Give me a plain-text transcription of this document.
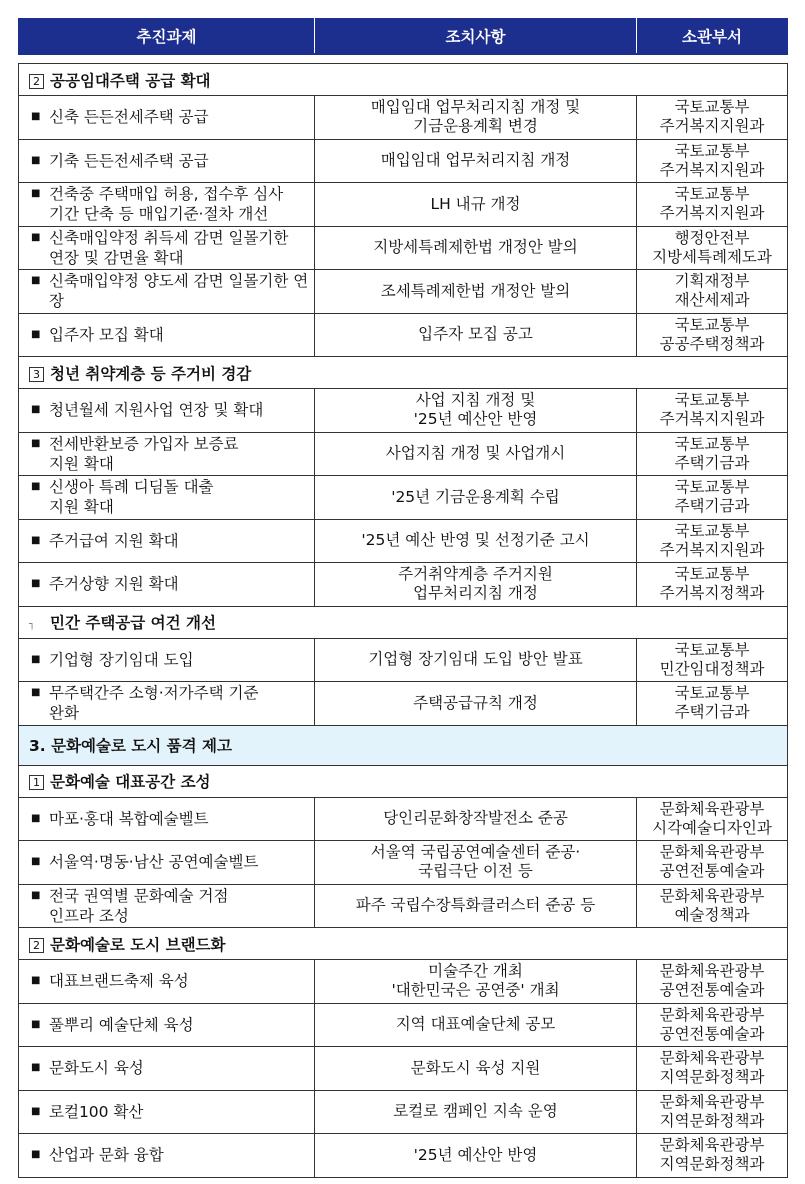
추진과제	조치사항	소관부서

2 공공임대주택 공급 확대		

■ 신축 든든전세주택 공급	매입임대 업무처리지침 개정 및
기금운용계획 변경	국토교통부
주거복지지원과

■ 기축 든든전세주택 공급	매입임대 업무처리지침 개정	국토교통부
주거복지지원과

■ 건축중 주택매입 허용, 접수후 심사
기간 단축 등 매입기준·절차 개선	LH 내규 개정	국토교통부
주거복지지원과

■ 신축매입약정 취득세 감면 일몰기한
연장 및 감면율 확대	지방세특례제한법 개정안 발의	행정안전부
지방세특례제도과

■ 신축매입약정 양도세 감면 일몰기한 연장	조세특례제한법 개정안 발의	기획재정부
재산세제과

■ 입주자 모집 확대	입주자 모집 공고	국토교통부
공공주택정책과
3 청년 취약계층 등 주거비 경감		

■ 청년월세 지원사업 연장 및 확대	사업 지침 개정 및
'25년 예산안 반영	국토교통부
주거복지지원과

■ 전세반환보증 가입자 보증료
지원 확대	사업지침 개정 및 사업개시	국토교통부
주택기금과

■ 신생아 특례 디딤돌 대출
지원 확대	'25년 기금운용계획 수립	국토교통부
주택기금과

■ 주거급여 지원 확대	'25년 예산 반영 및 선정기준 고시	국토교통부
주거복지지원과

■ 주거상향 지원 확대	주거취약계층 주거지원
업무처리지침 개정	국토교통부
주거복지정책과
┐ 민간 주택공급 여건 개선		

■ 기업형 장기임대 도입	기업형 장기임대 도입 방안 발표	국토교통부
민간임대정책과

■ 무주택간주 소형·저가주택 기준
완화	주택공급규칙 개정	국토교통부
주택기금과
3. 문화예술로 도시 품격 제고		
1 문화예술 대표공간 조성		

■ 마포·홍대 복합예술벨트	당인리문화창작발전소 준공	문화체육관광부
시각예술디자인과

■ 서울역·명동·남산 공연예술벨트	서울역 국립공연예술센터 준공·
국립극단 이전 등	문화체육관광부
공연전통예술과

■ 전국 권역별 문화예술 거점
인프라 조성	파주 국립수장특화클러스터 준공 등	문화체육관광부
예술정책과
2 문화예술로 도시 브랜드화		

■ 대표브랜드축제 육성	미술주간 개최
'대한민국은 공연중' 개최	문화체육관광부
공연전통예술과

■ 풀뿌리 예술단체 육성	지역 대표예술단체 공모	문화체육관광부
공연전통예술과

■ 문화도시 육성	문화도시 육성 지원	문화체육관광부
지역문화정책과

■ 로컬100 확산	로컬로 캠페인 지속 운영	문화체육관광부
지역문화정책과

■ 산업과 문화 융합	'25년 예산안 반영	문화체육관광부
지역문화정책과
